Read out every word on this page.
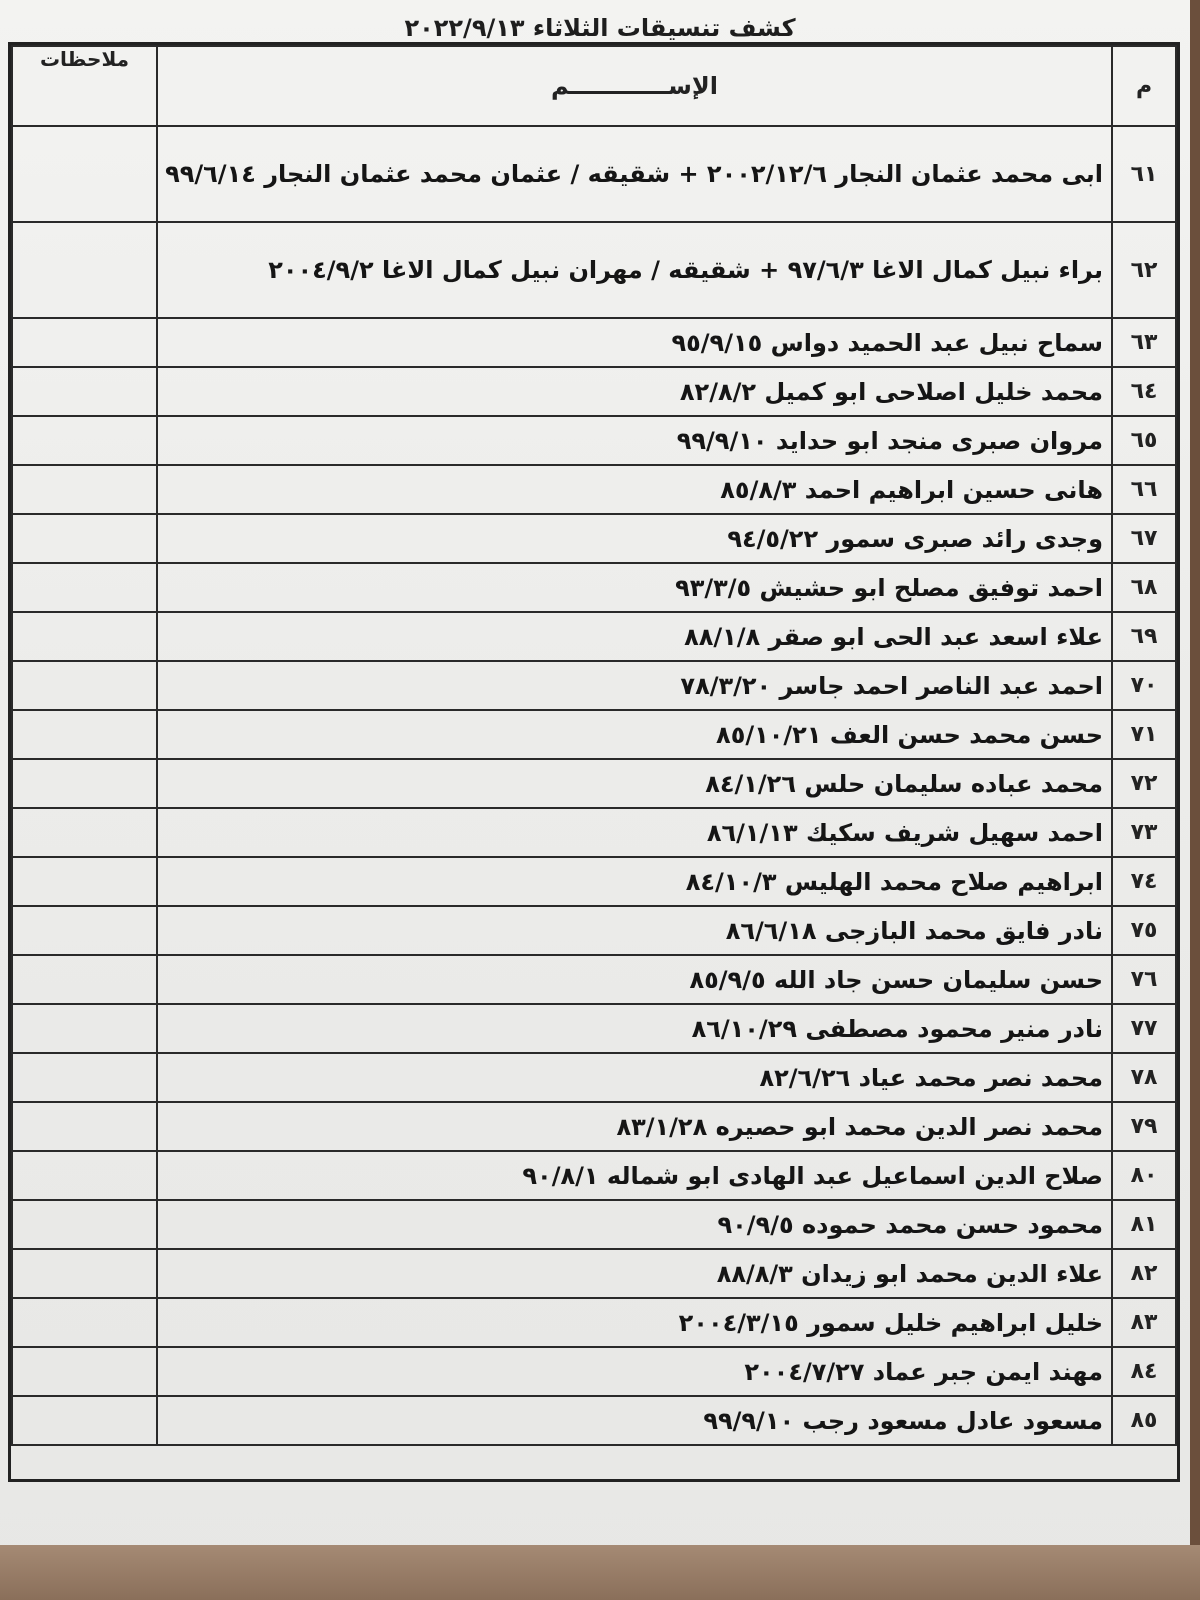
كشف تنسيقات الثلاثاء ٢٠٢٢/٩/١٣
م	الإســــــــــــم	ملاحظات
٦١	ابى محمد عثمان النجار ٢٠٠٢/١٢/٦ + شقيقه / عثمان محمد عثمان النجار ٩٩/٦/١٤	
٦٢	براء نبيل كمال الاغا ٩٧/٦/٣ + شقيقه / مهران نبيل كمال الاغا ٢٠٠٤/٩/٢	
٦٣	سماح نبيل عبد الحميد دواس ٩٥/٩/١٥	
٦٤	محمد خليل اصلاحى ابو كميل ٨٢/٨/٢	
٦٥	مروان صبرى منجد ابو حدايد ٩٩/٩/١٠	
٦٦	هانى حسين ابراهيم احمد ٨٥/٨/٣	
٦٧	وجدى رائد صبرى سمور ٩٤/٥/٢٢	
٦٨	احمد توفيق مصلح ابو حشيش ٩٣/٣/٥	
٦٩	علاء اسعد عبد الحى ابو صقر ٨٨/١/٨	
٧٠	احمد عبد الناصر احمد جاسر ٧٨/٣/٢٠	
٧١	حسن محمد حسن العف ٨٥/١٠/٢١	
٧٢	محمد عباده سليمان حلس ٨٤/١/٢٦	
٧٣	احمد سهيل شريف سكيك ٨٦/١/١٣	
٧٤	ابراهيم صلاح محمد الهليس ٨٤/١٠/٣	
٧٥	نادر فايق محمد البازجى ٨٦/٦/١٨	
٧٦	حسن سليمان حسن جاد الله ٨٥/٩/٥	
٧٧	نادر منير محمود مصطفى ٨٦/١٠/٢٩	
٧٨	محمد نصر محمد عياد ٨٢/٦/٢٦	
٧٩	محمد نصر الدين محمد ابو حصيره ٨٣/١/٢٨	
٨٠	صلاح الدين اسماعيل عبد الهادى ابو شماله ٩٠/٨/١	
٨١	محمود حسن محمد حموده ٩٠/٩/٥	
٨٢	علاء الدين محمد ابو زيدان ٨٨/٨/٣	
٨٣	خليل ابراهيم خليل سمور ٢٠٠٤/٣/١٥	
٨٤	مهند ايمن جبر عماد ٢٠٠٤/٧/٢٧	
٨٥	مسعود عادل مسعود رجب ٩٩/٩/١٠	
